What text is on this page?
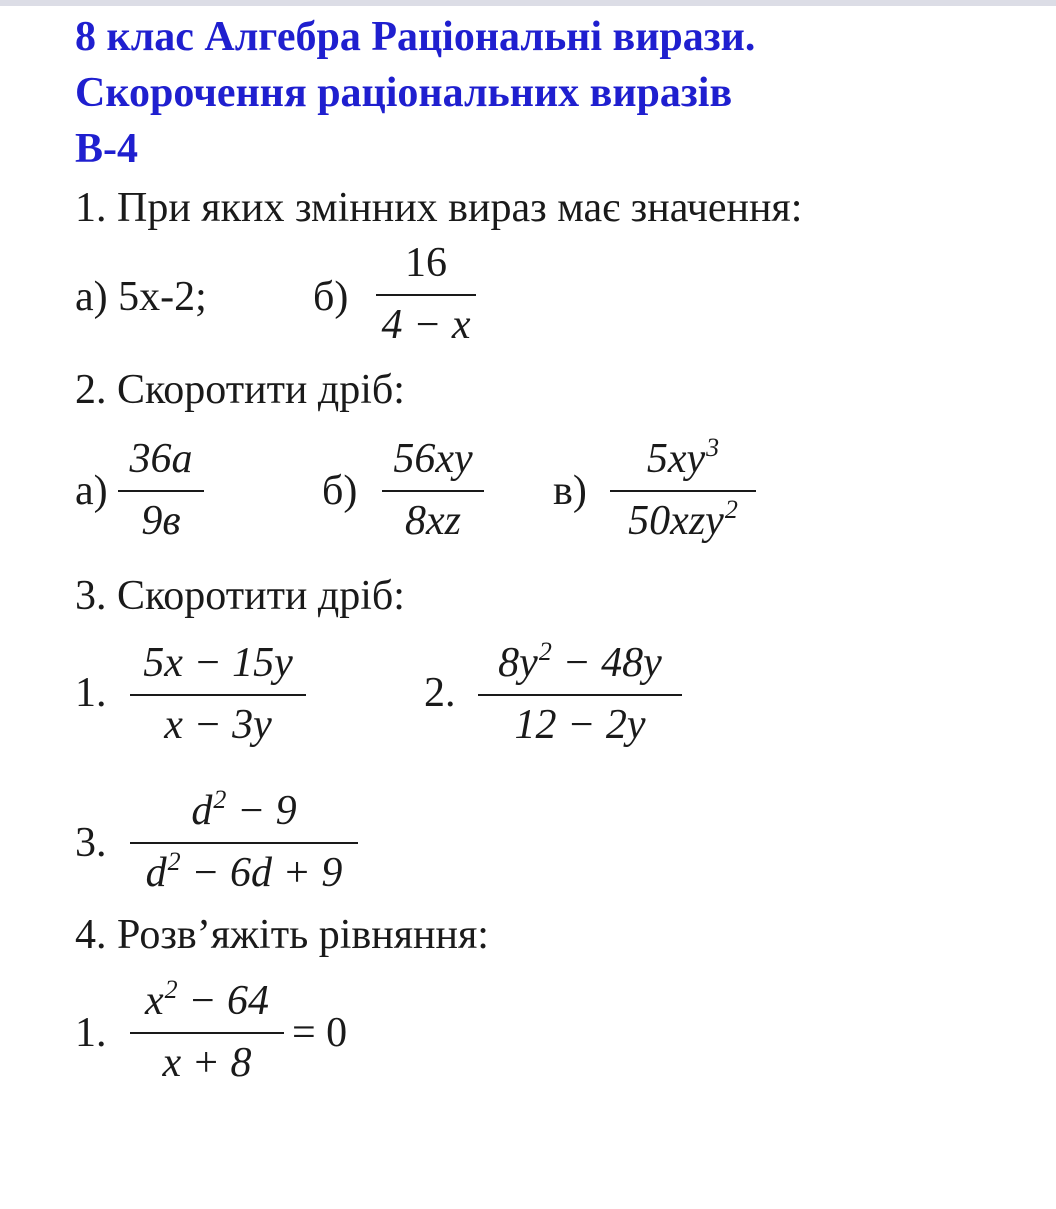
8 клас Алгебра Раціональні вирази.
Скорочення раціональних виразів
В-4
1. При яких змінних вираз має значення:
а) 5х-2;	б)
16
4 − x
2. Скоротити дріб:
а)
36a
9в
б)
56xy
8xz
в)
$5xy^3$
50xzy$^2$
3. Скоротити дріб:
1.
5x − 15y
x − 3y
2.
$8y^2 - 48y$
12 − 2y
3.
$d^2 - 9$
$d^2 - 6d + 9$
4. Розв’яжіть рівняння:
1.
$x^2 - 64$
x + 8
= 0
